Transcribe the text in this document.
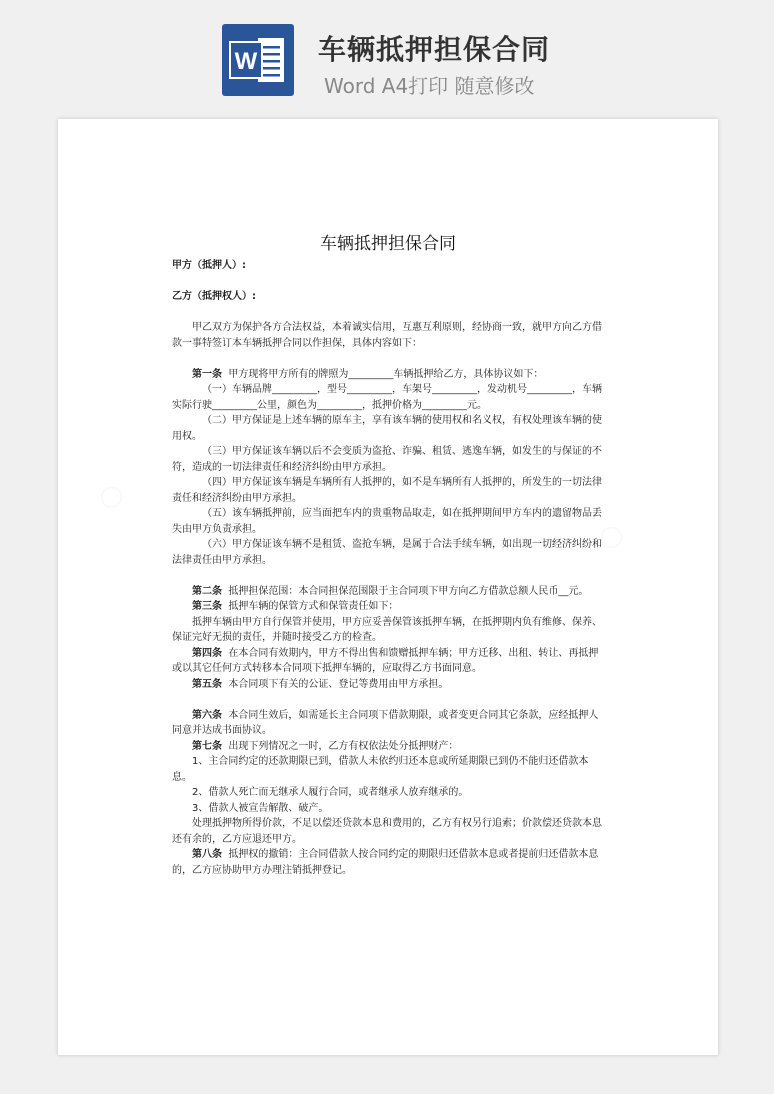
W 车辆抵押担保合同
Word A4打印 随意修改
○
○
车辆抵押担保合同

甲方（抵押人）:

乙方（抵押权人）:

甲乙双方为保护各方合法权益，本着诚实信用，互惠互利原则，经协商一致，就甲方向乙方借款一事特签订本车辆抵押合同以作担保，具体内容如下：

第一条 甲方现将甲方所有的牌照为_________车辆抵押给乙方，具体协议如下：

（一）车辆品牌_________，型号_________，车架号_________，发动机号_________，车辆实际行驶_________公里，颜色为_________，抵押价格为_________元。

（二）甲方保证是上述车辆的原车主，享有该车辆的使用权和名义权，有权处理该车辆的使用权。

（三）甲方保证该车辆以后不会变质为盗抢、诈骗、租赁、逃逸车辆，如发生的与保证的不符，造成的一切法律责任和经济纠纷由甲方承担。

（四）甲方保证该车辆是车辆所有人抵押的，如不是车辆所有人抵押的，所发生的一切法律责任和经济纠纷由甲方承担。

（五）该车辆抵押前，应当面把车内的贵重物品取走，如在抵押期间甲方车内的遗留物品丢失由甲方负责承担。

（六）甲方保证该车辆不是租赁、盗抢车辆，是属于合法手续车辆，如出现一切经济纠纷和法律责任由甲方承担。

第二条 抵押担保范围：本合同担保范围限于主合同项下甲方向乙方借款总额人民币__元。

第三条 抵押车辆的保管方式和保管责任如下：

抵押车辆由甲方自行保管并使用，甲方应妥善保管该抵押车辆，在抵押期内负有维修、保养、保证完好无损的责任，并随时接受乙方的检查。

第四条 在本合同有效期内，甲方不得出售和馈赠抵押车辆；甲方迁移、出租、转让、再抵押或以其它任何方式转移本合同项下抵押车辆的，应取得乙方书面同意。

第五条 本合同项下有关的公证、登记等费用由甲方承担。

第六条 本合同生效后，如需延长主合同项下借款期限，或者变更合同其它条款，应经抵押人同意并达成书面协议。

第七条 出现下列情况之一时，乙方有权依法处分抵押财产：

1、主合同约定的还款期限已到，借款人未依约归还本息或所延期限已到仍不能归还借款本息。

2、借款人死亡而无继承人履行合同，或者继承人放弃继承的。

3、借款人被宣告解散、破产。

处理抵押物所得价款，不足以偿还贷款本息和费用的，乙方有权另行追索；价款偿还贷款本息还有余的，乙方应退还甲方。

第八条 抵押权的撤销：主合同借款人按合同约定的期限归还借款本息或者提前归还借款本息的，乙方应协助甲方办理注销抵押登记。
